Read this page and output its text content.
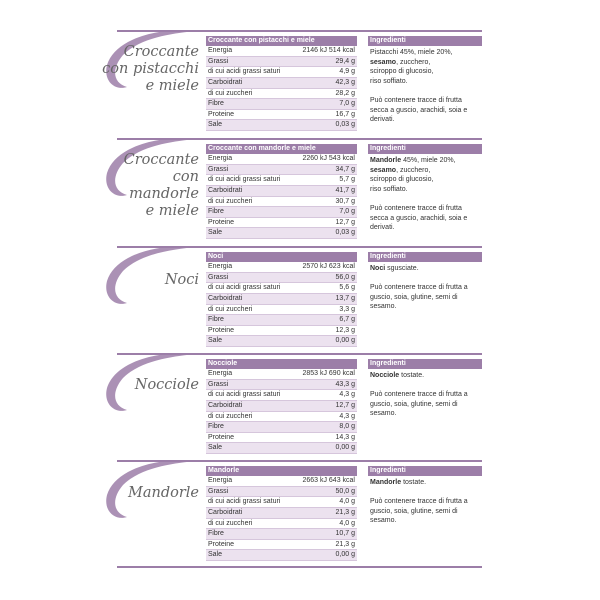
Croccante
con pistacchi
e miele
Croccante con pistacchi e miele
Energia	2146 kJ 514 kcal
Grassi	29,4 g
di cui acidi grassi saturi	4,9 g
Carboidrati	42,3 g
di cui zuccheri	28,2 g
Fibre	7,0 g
Proteine	16,7 g
Sale	0,03 g
Ingredienti

Pistacchi 45%, miele 20%,
sesamo, zucchero,
sciroppo di glucosio,
riso soffiato.

Può contenere tracce di frutta secca a guscio, arachidi, soia e derivati.

Croccante
con mandorle
e miele
Croccante con mandorle e miele
Energia	2260 kJ 543 kcal
Grassi	34,7 g
di cui acidi grassi saturi	5,7 g
Carboidrati	41,7 g
di cui zuccheri	30,7 g
Fibre	7,0 g
Proteine	12,7 g
Sale	0,03 g
Ingredienti

Mandorle 45%, miele 20%,
sesamo, zucchero,
sciroppo di glucosio,
riso soffiato.

Può contenere tracce di frutta secca a guscio, arachidi, soia e derivati.

Noci
Noci
Energia	2570 kJ 623 kcal
Grassi	56,0 g
di cui acidi grassi saturi	5,6 g
Carboidrati	13,7 g
di cui zuccheri	3,3 g
Fibre	6,7 g
Proteine	12,3 g
Sale	0,00 g
Ingredienti

Noci sgusciate.

Può contenere tracce di frutta a guscio, soia, glutine, semi di sesamo.

Nocciole
Nocciole
Energia	2853 kJ 690 kcal
Grassi	43,3 g
di cui acidi grassi saturi	4,3 g
Carboidrati	12,7 g
di cui zuccheri	4,3 g
Fibre	8,0 g
Proteine	14,3 g
Sale	0,00 g
Ingredienti

Nocciole tostate.

Può contenere tracce di frutta a guscio, soia, glutine, semi di sesamo.

Mandorle
Mandorle
Energia	2663 kJ 643 kcal
Grassi	50,0 g
di cui acidi grassi saturi	4,0 g
Carboidrati	21,3 g
di cui zuccheri	4,0 g
Fibre	10,7 g
Proteine	21,3 g
Sale	0,00 g
Ingredienti

Mandorle tostate.

Può contenere tracce di frutta a guscio, soia, glutine, semi di sesamo.
